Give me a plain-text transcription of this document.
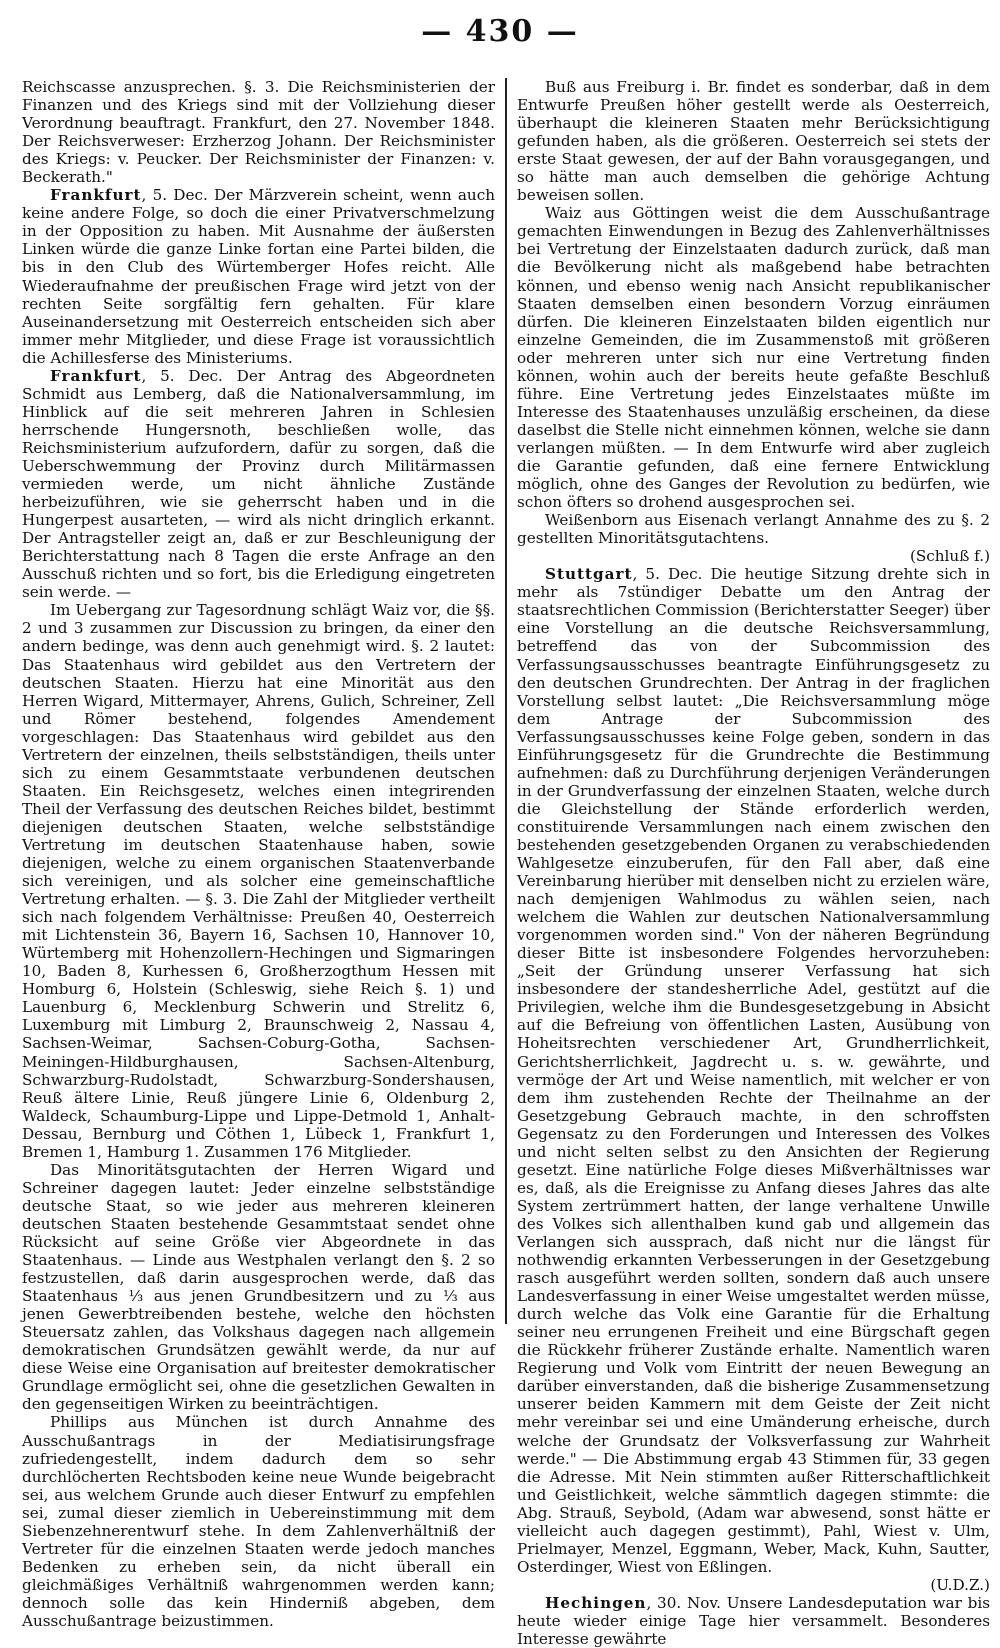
— 430 —

Reichscasse anzusprechen. §. 3. Die Reichsministerien der Finanzen und des Kriegs sind mit der Vollziehung dieser Verordnung beauftragt. Frankfurt, den 27. November 1848. Der Reichsverweser: Erzherzog Johann. Der Reichsminister des Kriegs: v. Peucker. Der Reichsminister der Finanzen: v. Beckerath."

Frankfurt, 5. Dec. Der Märzverein scheint, wenn auch keine andere Folge, so doch die einer Privatverschmelzung in der Opposition zu haben. Mit Ausnahme der äußersten Linken würde die ganze Linke fortan eine Partei bilden, die bis in den Club des Würtemberger Hofes reicht. Alle Wiederaufnahme der preußischen Frage wird jetzt von der rechten Seite sorgfältig fern gehalten. Für klare Auseinandersetzung mit Oesterreich entscheiden sich aber immer mehr Mitglieder, und diese Frage ist voraussichtlich die Achillesferse des Ministeriums.

Frankfurt, 5. Dec. Der Antrag des Abgeordneten Schmidt aus Lemberg, daß die Nationalversammlung, im Hinblick auf die seit mehreren Jahren in Schlesien herrschende Hungersnoth, beschließen wolle, das Reichsministerium aufzufordern, dafür zu sorgen, daß die Ueberschwemmung der Provinz durch Militärmassen vermieden werde, um nicht ähnliche Zustände herbeizuführen, wie sie geherrscht haben und in die Hungerpest ausarteten, — wird als nicht dringlich erkannt. Der Antragsteller zeigt an, daß er zur Beschleunigung der Berichterstattung nach 8 Tagen die erste Anfrage an den Ausschuß richten und so fort, bis die Erledigung eingetreten sein werde. —

Im Uebergang zur Tagesordnung schlägt Waiz vor, die §§. 2 und 3 zusammen zur Discussion zu bringen, da einer den andern bedinge, was denn auch genehmigt wird. §. 2 lautet: Das Staatenhaus wird gebildet aus den Vertretern der deutschen Staaten. Hierzu hat eine Minorität aus den Herren Wigard, Mittermayer, Ahrens, Gulich, Schreiner, Zell und Römer bestehend, folgendes Amendement vorgeschlagen: Das Staatenhaus wird gebildet aus den Vertretern der einzelnen, theils selbstständigen, theils unter sich zu einem Gesammtstaate verbundenen deutschen Staaten. Ein Reichsgesetz, welches einen integrirenden Theil der Verfassung des deutschen Reiches bildet, bestimmt diejenigen deutschen Staaten, welche selbstständige Vertretung im deutschen Staatenhause haben, sowie diejenigen, welche zu einem organischen Staatenverbande sich vereinigen, und als solcher eine gemeinschaftliche Vertretung erhalten. — §. 3. Die Zahl der Mitglieder vertheilt sich nach folgendem Verhältnisse: Preußen 40, Oesterreich mit Lichtenstein 36, Bayern 16, Sachsen 10, Hannover 10, Würtemberg mit Hohenzollern-Hechingen und Sigmaringen 10, Baden 8, Kurhessen 6, Großherzogthum Hessen mit Homburg 6, Holstein (Schleswig, siehe Reich §. 1) und Lauenburg 6, Mecklenburg Schwerin und Strelitz 6, Luxemburg mit Limburg 2, Braunschweig 2, Nassau 4, Sachsen-Weimar, Sachsen-Coburg-Gotha, Sachsen-Meiningen-Hildburghausen, Sachsen-Altenburg, Schwarzburg-Rudolstadt, Schwarzburg-Sondershausen, Reuß ältere Linie, Reuß jüngere Linie 6, Oldenburg 2, Waldeck, Schaumburg-Lippe und Lippe-Detmold 1, Anhalt-Dessau, Bernburg und Cöthen 1, Lübeck 1, Frankfurt 1, Bremen 1, Hamburg 1. Zusammen 176 Mitglieder.

Das Minoritätsgutachten der Herren Wigard und Schreiner dagegen lautet: Jeder einzelne selbstständige deutsche Staat, so wie jeder aus mehreren kleineren deutschen Staaten bestehende Gesammtstaat sendet ohne Rücksicht auf seine Größe vier Abgeordnete in das Staatenhaus. — Linde aus Westphalen verlangt den §. 2 so festzustellen, daß darin ausgesprochen werde, daß das Staatenhaus ⅓ aus jenen Grundbesitzern und zu ⅓ aus jenen Gewerbtreibenden bestehe, welche den höchsten Steuersatz zahlen, das Volkshaus dagegen nach allgemein demokratischen Grundsätzen gewählt werde, da nur auf diese Weise eine Organisation auf breitester demokratischer Grundlage ermöglicht sei, ohne die gesetzlichen Gewalten in den gegenseitigen Wirken zu beeinträchtigen.

Phillips aus München ist durch Annahme des Ausschußantrags in der Mediatisirungsfrage zufriedengestellt, indem dadurch dem so sehr durchlöcherten Rechtsboden keine neue Wunde beigebracht sei, aus welchem Grunde auch dieser Entwurf zu empfehlen sei, zumal dieser ziemlich in Uebereinstimmung mit dem Siebenzehnerentwurf stehe. In dem Zahlenverhältniß der Vertreter für die einzelnen Staaten werde jedoch manches Bedenken zu erheben sein, da nicht überall ein gleichmäßiges Verhältniß wahrgenommen werden kann; dennoch solle das kein Hinderniß abgeben, dem Ausschußantrage beizustimmen.

Buß aus Freiburg i. Br. findet es sonderbar, daß in dem Entwurfe Preußen höher gestellt werde als Oesterreich, überhaupt die kleineren Staaten mehr Berücksichtigung gefunden haben, als die größeren. Oesterreich sei stets der erste Staat gewesen, der auf der Bahn vorausgegangen, und so hätte man auch demselben die gehörige Achtung beweisen sollen.

Waiz aus Göttingen weist die dem Ausschußantrage gemachten Einwendungen in Bezug des Zahlenverhältnisses bei Vertretung der Einzelstaaten dadurch zurück, daß man die Bevölkerung nicht als maßgebend habe betrachten können, und ebenso wenig nach Ansicht republikanischer Staaten demselben einen besondern Vorzug einräumen dürfen. Die kleineren Einzelstaaten bilden eigentlich nur einzelne Gemeinden, die im Zusammenstoß mit größeren oder mehreren unter sich nur eine Vertretung finden können, wohin auch der bereits heute gefaßte Beschluß führe. Eine Vertretung jedes Einzelstaates müßte im Interesse des Staatenhauses unzuläßig erscheinen, da diese daselbst die Stelle nicht einnehmen können, welche sie dann verlangen müßten. — In dem Entwurfe wird aber zugleich die Garantie gefunden, daß eine fernere Entwicklung möglich, ohne des Ganges der Revolution zu bedürfen, wie schon öfters so drohend ausgesprochen sei.

Weißenborn aus Eisenach verlangt Annahme des zu §. 2 gestellten Minoritätsgutachtens.

(Schluß f.)

Stuttgart, 5. Dec. Die heutige Sitzung drehte sich in mehr als 7stündiger Debatte um den Antrag der staatsrechtlichen Commission (Berichterstatter Seeger) über eine Vorstellung an die deutsche Reichsversammlung, betreffend das von der Subcommission des Verfassungsausschusses beantragte Einführungsgesetz zu den deutschen Grundrechten. Der Antrag in der fraglichen Vorstellung selbst lautet: „Die Reichsversammlung möge dem Antrage der Subcommission des Verfassungsausschusses keine Folge geben, sondern in das Einführungsgesetz für die Grundrechte die Bestimmung aufnehmen: daß zu Durchführung derjenigen Veränderungen in der Grundverfassung der einzelnen Staaten, welche durch die Gleichstellung der Stände erforderlich werden, constituirende Versammlungen nach einem zwischen den bestehenden gesetzgebenden Organen zu verabschiedenden Wahlgesetze einzuberufen, für den Fall aber, daß eine Vereinbarung hierüber mit denselben nicht zu erzielen wäre, nach demjenigen Wahlmodus zu wählen seien, nach welchem die Wahlen zur deutschen Nationalversammlung vorgenommen worden sind." Von der näheren Begründung dieser Bitte ist insbesondere Folgendes hervorzuheben: „Seit der Gründung unserer Verfassung hat sich insbesondere der standesherrliche Adel, gestützt auf die Privilegien, welche ihm die Bundesgesetzgebung in Absicht auf die Befreiung von öffentlichen Lasten, Ausübung von Hoheitsrechten verschiedener Art, Grundherrlichkeit, Gerichtsherrlichkeit, Jagdrecht u. s. w. gewährte, und vermöge der Art und Weise namentlich, mit welcher er von dem ihm zustehenden Rechte der Theilnahme an der Gesetzgebung Gebrauch machte, in den schroffsten Gegensatz zu den Forderungen und Interessen des Volkes und nicht selten selbst zu den Ansichten der Regierung gesetzt. Eine natürliche Folge dieses Mißverhältnisses war es, daß, als die Ereignisse zu Anfang dieses Jahres das alte System zertrümmert hatten, der lange verhaltene Unwille des Volkes sich allenthalben kund gab und allgemein das Verlangen sich aussprach, daß nicht nur die längst für nothwendig erkannten Verbesserungen in der Gesetzgebung rasch ausgeführt werden sollten, sondern daß auch unsere Landesverfassung in einer Weise umgestaltet werden müsse, durch welche das Volk eine Garantie für die Erhaltung seiner neu errungenen Freiheit und eine Bürgschaft gegen die Rückkehr früherer Zustände erhalte. Namentlich waren Regierung und Volk vom Eintritt der neuen Bewegung an darüber einverstanden, daß die bisherige Zusammensetzung unserer beiden Kammern mit dem Geiste der Zeit nicht mehr vereinbar sei und eine Umänderung erheische, durch welche der Grundsatz der Volksverfassung zur Wahrheit werde." — Die Abstimmung ergab 43 Stimmen für, 33 gegen die Adresse. Mit Nein stimmten außer Ritterschaftlichkeit und Geistlichkeit, welche sämmtlich dagegen stimmte: die Abg. Strauß, Seybold, (Adam war abwesend, sonst hätte er vielleicht auch dagegen gestimmt), Pahl, Wiest v. Ulm, Prielmayer, Menzel, Eggmann, Weber, Mack, Kuhn, Sautter, Osterdinger, Wiest von Eßlingen.

(U.D.Z.)

Hechingen, 30. Nov. Unsere Landesdeputation war bis heute wieder einige Tage hier versammelt. Besonderes Interesse gewährte
